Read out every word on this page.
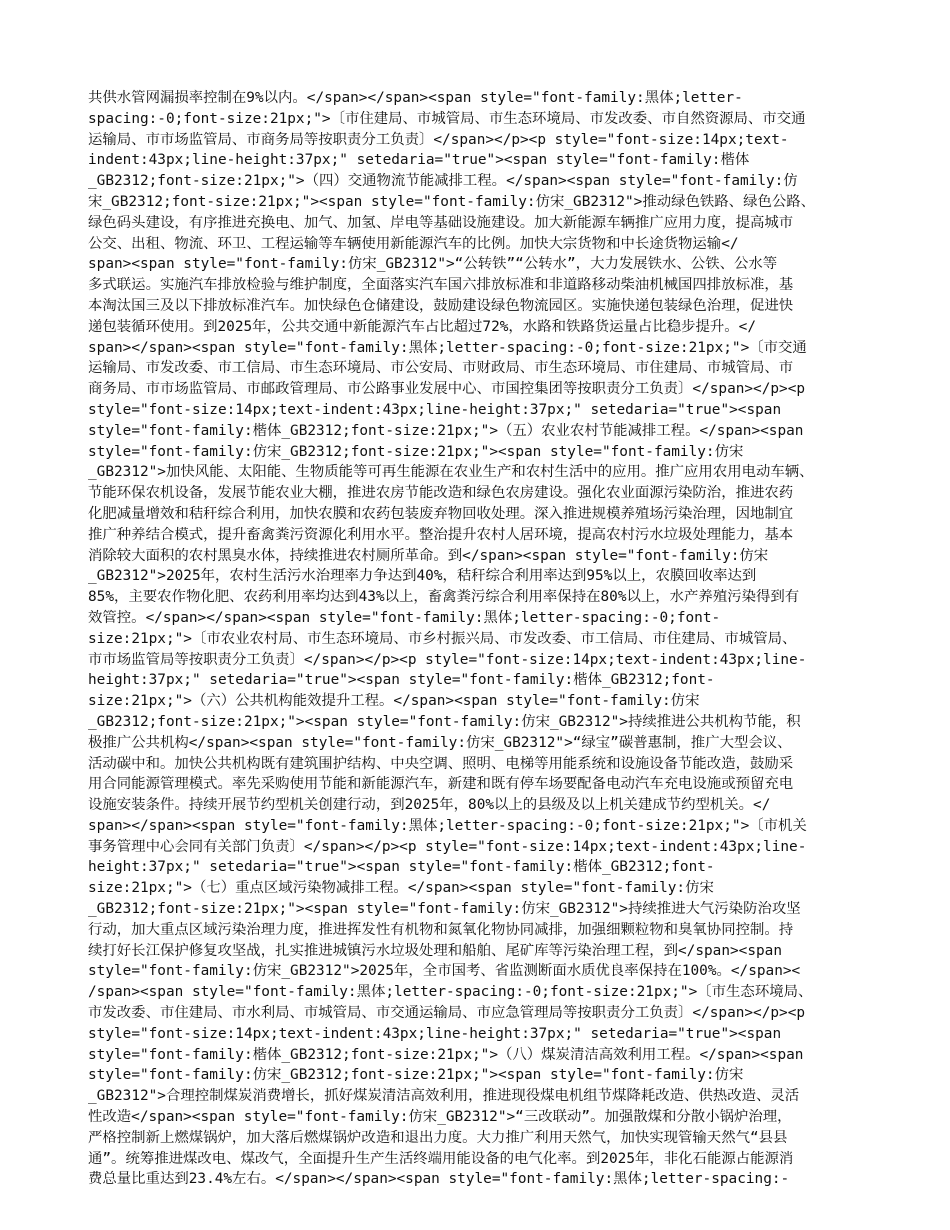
共供水管网漏损率控制在9%以内。</span></span><span style="font-family:黑体;letter-
spacing:-0;font-size:21px;">〔市住建局、市城管局、市生态环境局、市发改委、市自然资源局、市交通
运输局、市市场监管局、市商务局等按职责分工负责〕</span></p><p style="font-size:14px;text-
indent:43px;line-height:37px;" setedaria="true"><span style="font-family:楷体
_GB2312;font-size:21px;">（四）交通物流节能减排工程。</span><span style="font-family:仿
宋_GB2312;font-size:21px;"><span style="font-family:仿宋_GB2312">推动绿色铁路、绿色公路、
绿色码头建设，有序推进充换电、加气、加氢、岸电等基础设施建设。加大新能源车辆推广应用力度，提高城市
公交、出租、物流、环卫、工程运输等车辆使用新能源汽车的比例。加快大宗货物和中长途货物运输</
span><span style="font-family:仿宋_GB2312">“公转铁”“公转水”，大力发展铁水、公铁、公水等
多式联运。实施汽车排放检验与维护制度，全面落实汽车国六排放标准和非道路移动柴油机械国四排放标准，基
本淘汰国三及以下排放标准汽车。加快绿色仓储建设，鼓励建设绿色物流园区。实施快递包装绿色治理，促进快
递包装循环使用。到2025年，公共交通中新能源汽车占比超过72%，水路和铁路货运量占比稳步提升。</
span></span><span style="font-family:黑体;letter-spacing:-0;font-size:21px;">〔市交通
运输局、市发改委、市工信局、市生态环境局、市公安局、市财政局、市生态环境局、市住建局、市城管局、市
商务局、市市场监管局、市邮政管理局、市公路事业发展中心、市国控集团等按职责分工负责〕</span></p><p
style="font-size:14px;text-indent:43px;line-height:37px;" setedaria="true"><span
style="font-family:楷体_GB2312;font-size:21px;">（五）农业农村节能减排工程。</span><span
style="font-family:仿宋_GB2312;font-size:21px;"><span style="font-family:仿宋
_GB2312">加快风能、太阳能、生物质能等可再生能源在农业生产和农村生活中的应用。推广应用农用电动车辆、
节能环保农机设备，发展节能农业大棚，推进农房节能改造和绿色农房建设。强化农业面源污染防治，推进农药
化肥减量增效和秸秆综合利用，加快农膜和农药包装废弃物回收处理。深入推进规模养殖场污染治理，因地制宜
推广种养结合模式，提升畜禽粪污资源化利用水平。整治提升农村人居环境，提高农村污水垃圾处理能力，基本
消除较大面积的农村黑臭水体，持续推进农村厕所革命。到</span><span style="font-family:仿宋
_GB2312">2025年，农村生活污水治理率力争达到40%，秸秆综合利用率达到95%以上，农膜回收率达到
85%，主要农作物化肥、农药利用率均达到43%以上，畜禽粪污综合利用率保持在80%以上，水产养殖污染得到有
效管控。</span></span><span style="font-family:黑体;letter-spacing:-0;font-
size:21px;">〔市农业农村局、市生态环境局、市乡村振兴局、市发改委、市工信局、市住建局、市城管局、
市市场监管局等按职责分工负责〕</span></p><p style="font-size:14px;text-indent:43px;line-
height:37px;" setedaria="true"><span style="font-family:楷体_GB2312;font-
size:21px;">（六）公共机构能效提升工程。</span><span style="font-family:仿宋
_GB2312;font-size:21px;"><span style="font-family:仿宋_GB2312">持续推进公共机构节能，积
极推广公共机构</span><span style="font-family:仿宋_GB2312">“绿宝”碳普惠制，推广大型会议、
活动碳中和。加快公共机构既有建筑围护结构、中央空调、照明、电梯等用能系统和设施设备节能改造，鼓励采
用合同能源管理模式。率先采购使用节能和新能源汽车，新建和既有停车场要配备电动汽车充电设施或预留充电
设施安装条件。持续开展节约型机关创建行动，到2025年，80%以上的县级及以上机关建成节约型机关。</
span></span><span style="font-family:黑体;letter-spacing:-0;font-size:21px;">〔市机关
事务管理中心会同有关部门负责〕</span></p><p style="font-size:14px;text-indent:43px;line-
height:37px;" setedaria="true"><span style="font-family:楷体_GB2312;font-
size:21px;">（七）重点区域污染物减排工程。</span><span style="font-family:仿宋
_GB2312;font-size:21px;"><span style="font-family:仿宋_GB2312">持续推进大气污染防治攻坚
行动，加大重点区域污染治理力度，推进挥发性有机物和氮氧化物协同减排，加强细颗粒物和臭氧协同控制。持
续打好长江保护修复攻坚战，扎实推进城镇污水垃圾处理和船舶、尾矿库等污染治理工程，到</span><span
style="font-family:仿宋_GB2312">2025年，全市国考、省监测断面水质优良率保持在100%。</span><
/span><span style="font-family:黑体;letter-spacing:-0;font-size:21px;">〔市生态环境局、
市发改委、市住建局、市水利局、市城管局、市交通运输局、市应急管理局等按职责分工负责〕</span></p><p
style="font-size:14px;text-indent:43px;line-height:37px;" setedaria="true"><span
style="font-family:楷体_GB2312;font-size:21px;">（八）煤炭清洁高效利用工程。</span><span
style="font-family:仿宋_GB2312;font-size:21px;"><span style="font-family:仿宋
_GB2312">合理控制煤炭消费增长，抓好煤炭清洁高效利用，推进现役煤电机组节煤降耗改造、供热改造、灵活
性改造</span><span style="font-family:仿宋_GB2312">“三改联动”。加强散煤和分散小锅炉治理，
严格控制新上燃煤锅炉，加大落后燃煤锅炉改造和退出力度。大力推广利用天然气，加快实现管输天然气“县县
通”。统筹推进煤改电、煤改气，全面提升生产生活终端用能设备的电气化率。到2025年，非化石能源占能源消
费总量比重达到23.4%左右。</span></span><span style="font-family:黑体;letter-spacing:-
